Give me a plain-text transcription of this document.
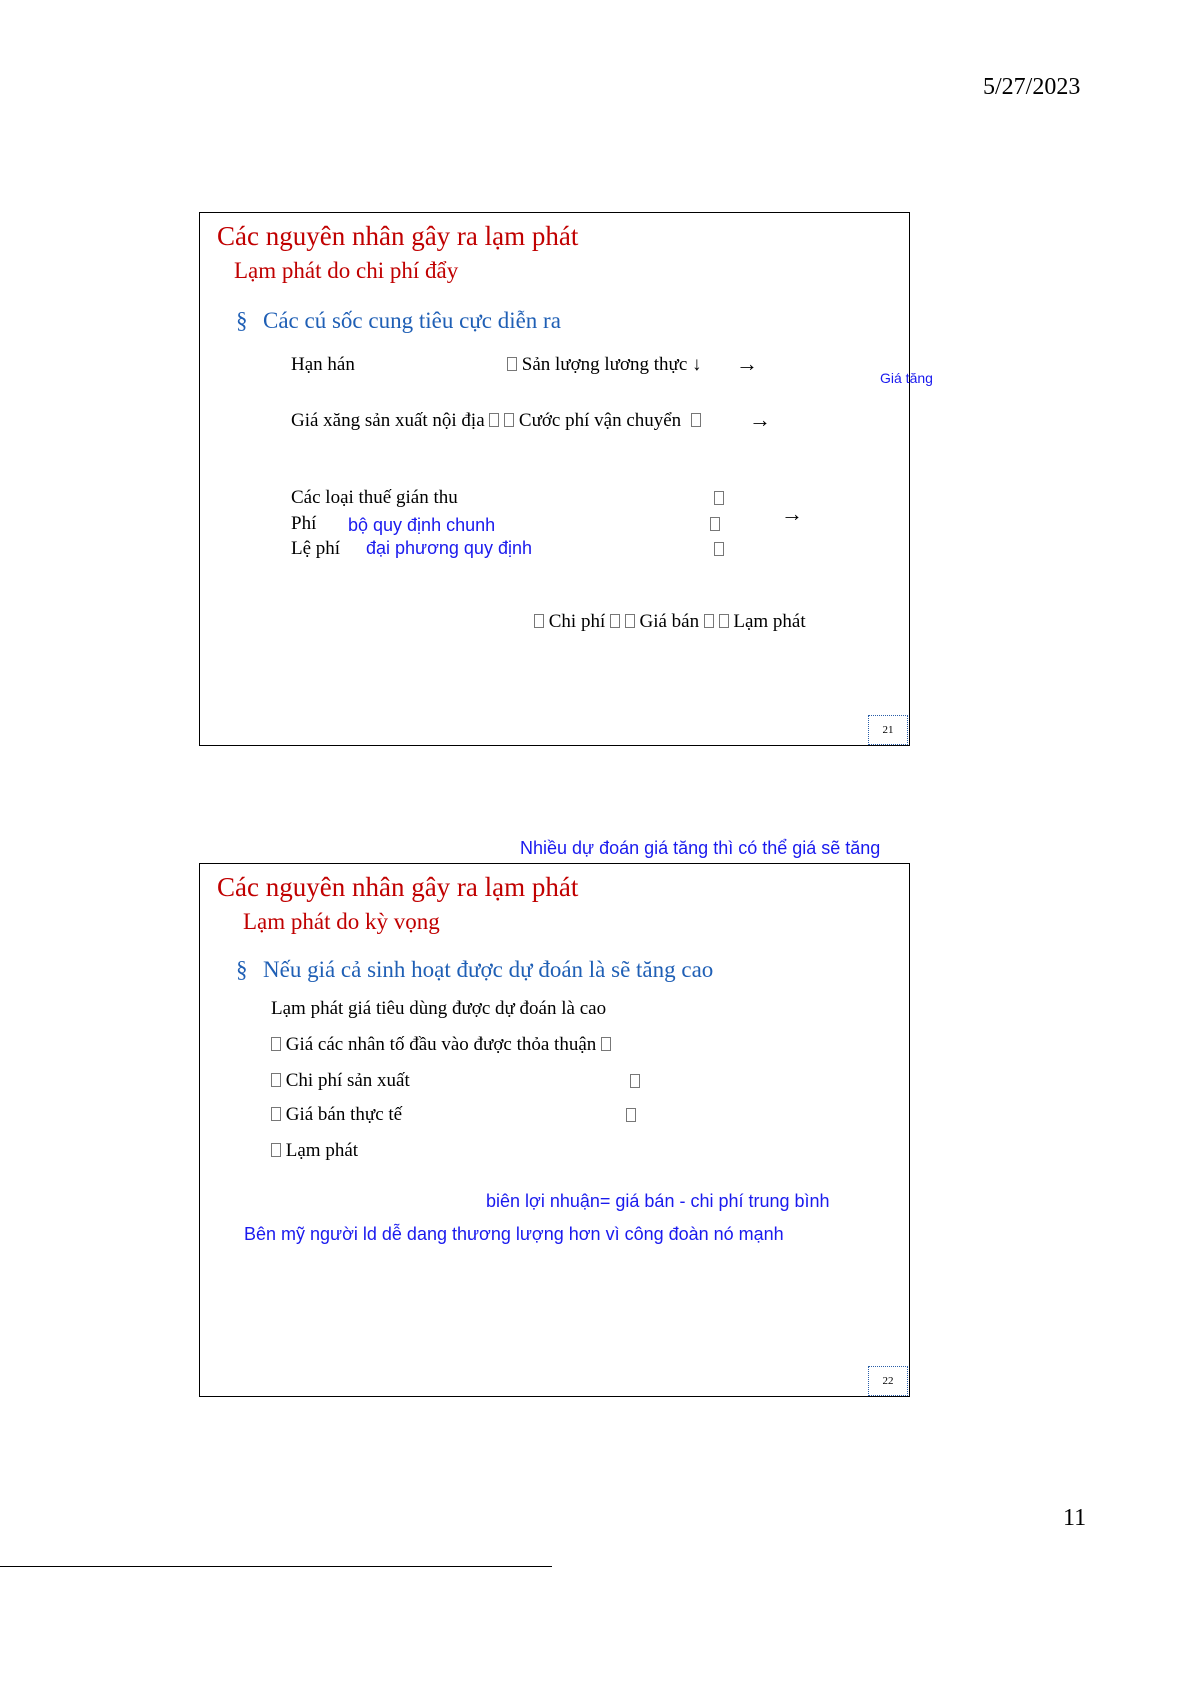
5/27/2023
11
Các nguyên nhân gây ra lạm phát
Lạm phát do chi phí đẩy
§ Các cú sốc cung tiêu cực diễn ra
Hạn hán	Sản lượng lương thực ↓ →
Giá xăng sản xuất nội địa Cước phí vận chuyển	→
Các loại thuế gián thu
Phí
Lệ phí
→
Chi phí Giá bán Lạm phát
21
Giá tăng
bộ quy định chunh
đại phương quy định
Nhiều dự đoán giá tăng thì có thể giá sẽ tăng
Các nguyên nhân gây ra lạm phát
Lạm phát do kỳ vọng
§ Nếu giá cả sinh hoạt được dự đoán là sẽ tăng cao
Lạm phát giá tiêu dùng được dự đoán là cao
Giá các nhân tố đầu vào được thỏa thuận
Chi phí sản xuất
Giá bán thực tế
Lạm phát
biên lợi nhuận= giá bán - chi phí trung bình
Bên mỹ người ld dễ dang thương lượng hơn vì công đoàn nó mạnh
22
